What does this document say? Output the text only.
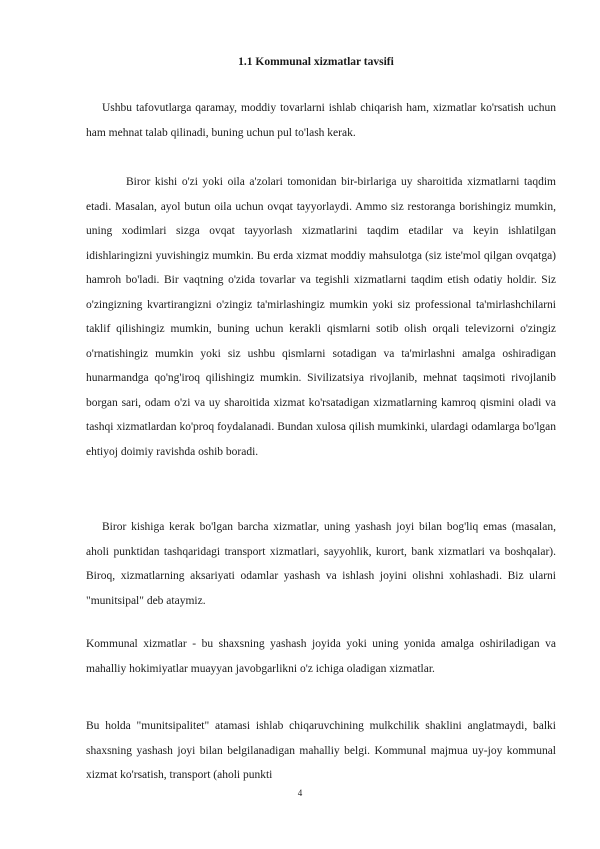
1.1 Kommunal xizmatlar tavsifi

Ushbu tafovutlarga qaramay, moddiy tovarlarni ishlab chiqarish ham, xizmatlar ko'rsatish uchun ham mehnat talab qilinadi, buning uchun pul to'lash kerak.

Biror kishi o'zi yoki oila a'zolari tomonidan bir-birlariga uy sharoitida xizmatlarni taqdim etadi. Masalan, ayol butun oila uchun ovqat tayyorlaydi. Ammo siz restoranga borishingiz mumkin, uning xodimlari sizga ovqat tayyorlash xizmatlarini taqdim etadilar va keyin ishlatilgan idishlaringizni yuvishingiz mumkin. Bu erda xizmat moddiy mahsulotga (siz iste'mol qilgan ovqatga) hamroh bo'ladi. Bir vaqtning o'zida tovarlar va tegishli xizmatlarni taqdim etish odatiy holdir. Siz o'zingizning kvartirangizni o'zingiz ta'mirlashingiz mumkin yoki siz professional ta'mirlashchilarni taklif qilishingiz mumkin, buning uchun kerakli qismlarni sotib olish orqali televizorni o'zingiz o'rnatishingiz mumkin yoki siz ushbu qismlarni sotadigan va ta'mirlashni amalga oshiradigan hunarmandga qo'ng'iroq qilishingiz mumkin. Sivilizatsiya rivojlanib, mehnat taqsimoti rivojlanib borgan sari, odam o'zi va uy sharoitida xizmat ko'rsatadigan xizmatlarning kamroq qismini oladi va tashqi xizmatlardan ko'proq foydalanadi. Bundan xulosa qilish mumkinki, ulardagi odamlarga bo'lgan ehtiyoj doimiy ravishda oshib boradi.

Biror kishiga kerak bo'lgan barcha xizmatlar, uning yashash joyi bilan bog'liq emas (masalan, aholi punktidan tashqaridagi transport xizmatlari, sayyohlik, kurort, bank xizmatlari va boshqalar). Biroq, xizmatlarning aksariyati odamlar yashash va ishlash joyini olishni xohlashadi. Biz ularni "munitsipal" deb ataymiz.

Kommunal xizmatlar - bu shaxsning yashash joyida yoki uning yonida amalga oshiriladigan va mahalliy hokimiyatlar muayyan javobgarlikni o'z ichiga oladigan xizmatlar.

Bu holda "munitsipalitet" atamasi ishlab chiqaruvchining mulkchilik shaklini anglatmaydi, balki shaxsning yashash joyi bilan belgilanadigan mahalliy belgi. Kommunal majmua uy-joy kommunal xizmat ko'rsatish, transport (aholi punkti

4
